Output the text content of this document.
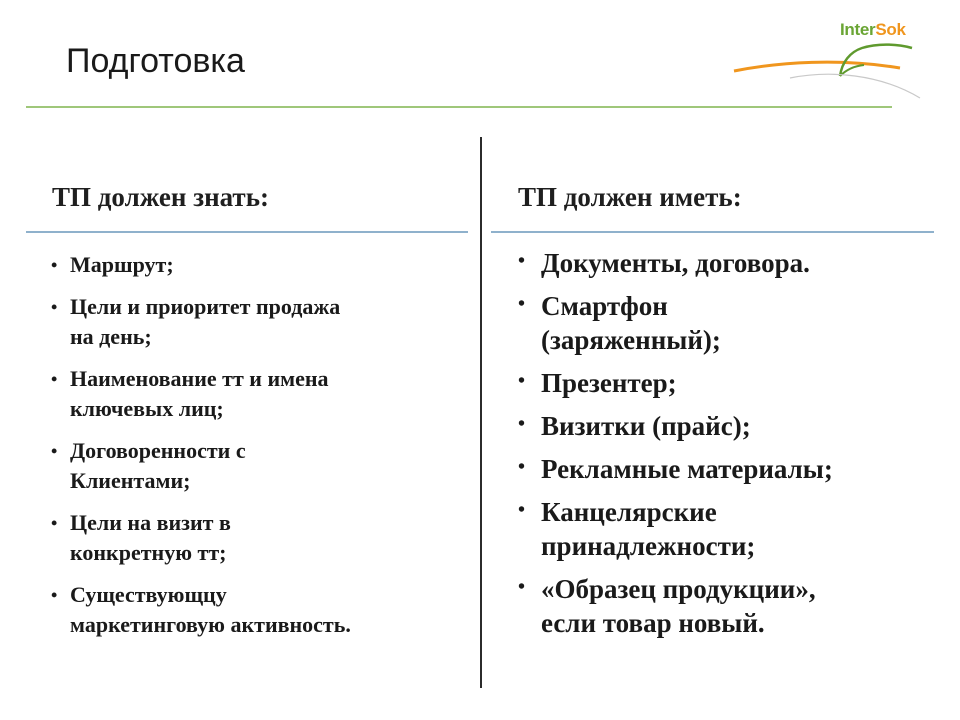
Подготовка
InterSok
ТП должен знать:
• Маршрут;
• Цели и приоритет продажа
на день;
• Наименование тт и имена
ключевых лиц;
• Договоренности с
Клиентами;
• Цели на визит в
конкретную тт;
• Существующцу
маркетинговую активность.
ТП должен иметь:
• Документы, договора.
• Смартфон
(заряженный);
• Презентер;
• Визитки (прайс);
• Рекламные материалы;
• Канцелярские
принадлежности;
• «Образец продукции»,
если товар новый.
